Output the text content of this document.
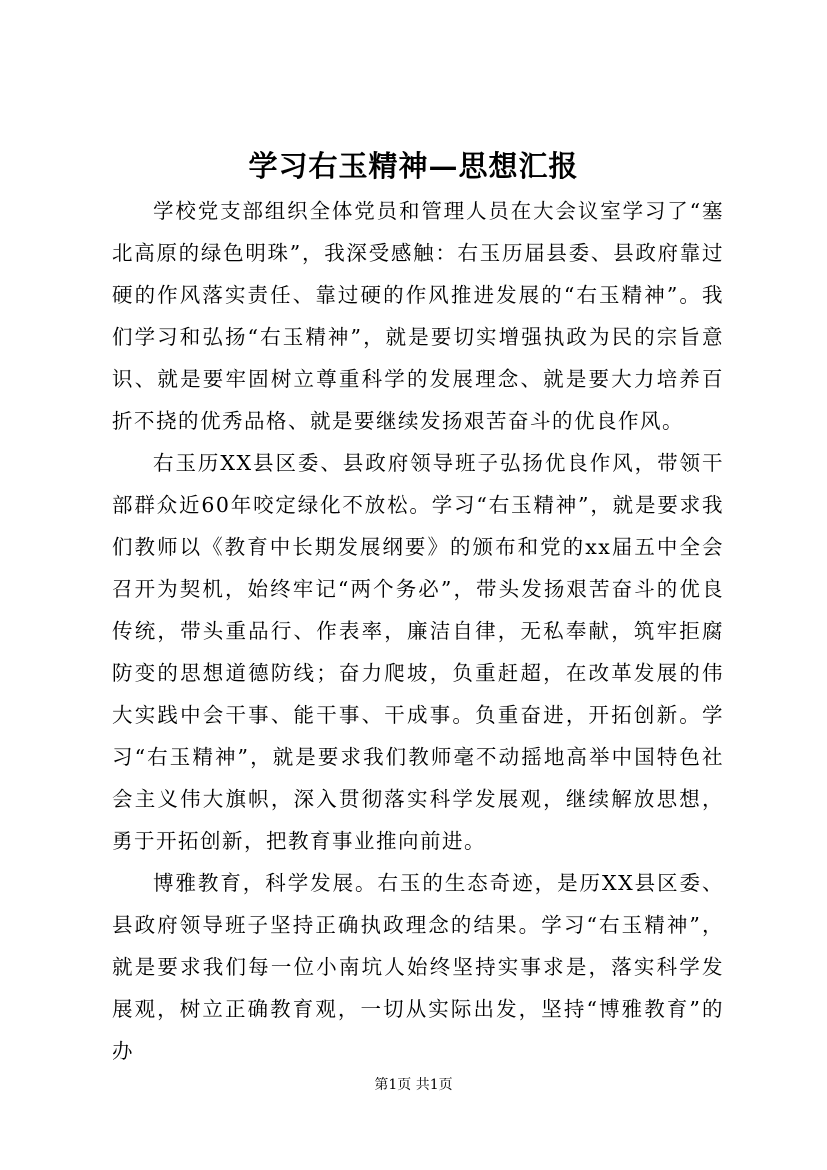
学习右玉精神—思想汇报

学校党支部组织全体党员和管理人员在大会议室学习了“塞北高原的绿色明珠”，我深受感触：右玉历届县委、县政府靠过硬的作风落实责任、靠过硬的作风推进发展的“右玉精神”。我们学习和弘扬“右玉精神”，就是要切实增强执政为民的宗旨意识、就是要牢固树立尊重科学的发展理念、就是要大力培养百折不挠的优秀品格、就是要继续发扬艰苦奋斗的优良作风。

右玉历XX县区委、县政府领导班子弘扬优良作风，带领干部群众近60年咬定绿化不放松。学习“右玉精神”，就是要求我们教师以《教育中长期发展纲要》的颁布和党的xx届五中全会召开为契机，始终牢记“两个务必”，带头发扬艰苦奋斗的优良传统，带头重品行、作表率，廉洁自律，无私奉献，筑牢拒腐防变的思想道德防线；奋力爬坡，负重赶超，在改革发展的伟大实践中会干事、能干事、干成事。负重奋进，开拓创新。学习“右玉精神”，就是要求我们教师毫不动摇地高举中国特色社会主义伟大旗帜，深入贯彻落实科学发展观，继续解放思想，勇于开拓创新，把教育事业推向前进。

博雅教育，科学发展。右玉的生态奇迹，是历XX县区委、县政府领导班子坚持正确执政理念的结果。学习“右玉精神”，就是要求我们每一位小南坑人始终坚持实事求是，落实科学发展观，树立正确教育观，一切从实际出发，坚持“博雅教育”的办

第1页 共1页
